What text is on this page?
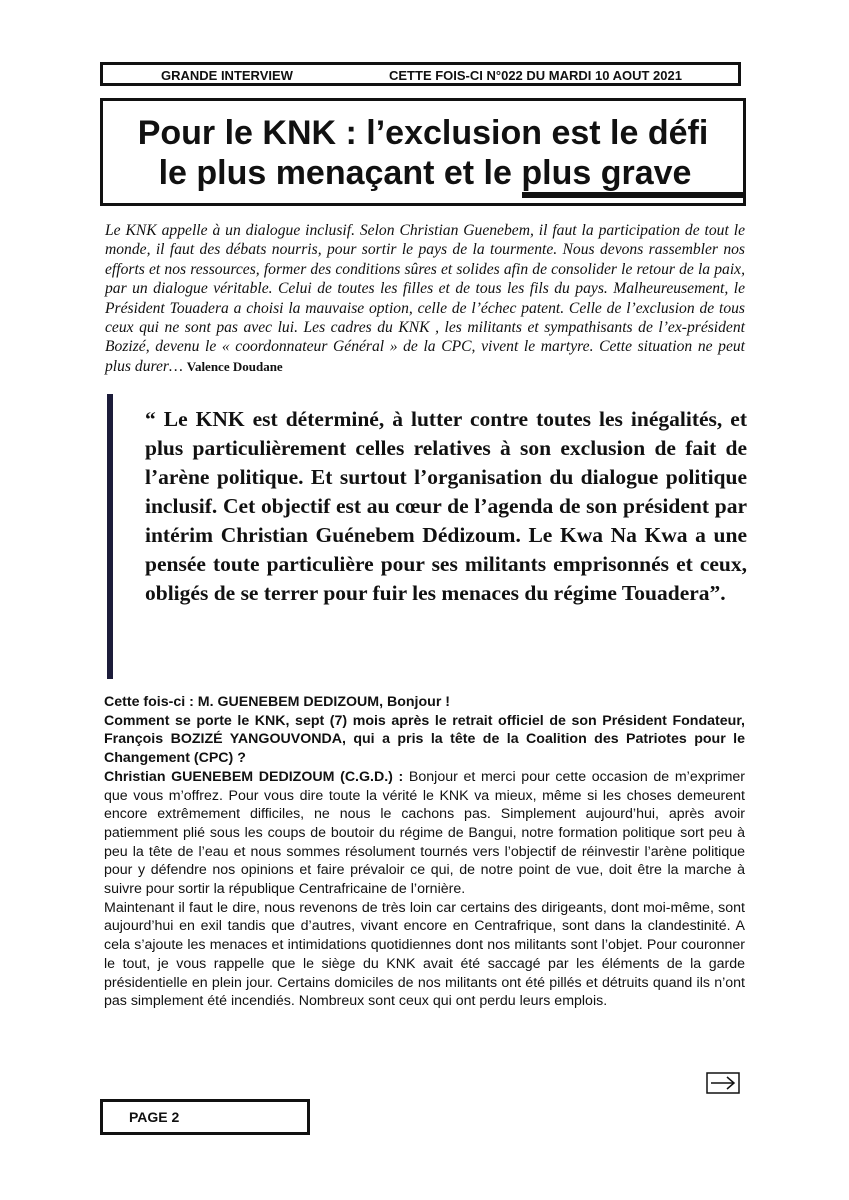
GRANDE INTERVIEW	CETTE FOIS-CI N°022 DU MARDI 10 AOUT 2021
Pour le KNK : l’exclusion est le défi
le plus menaçant et le plus grave
Le KNK appelle à un dialogue inclusif. Selon Christian Guenebem, il faut la participation de tout le monde, il faut des débats nourris, pour sortir le pays de la tourmente. Nous devons rassembler nos efforts et nos ressources, former des conditions sûres et solides afin de consolider le retour de la paix, par un dialogue véritable. Celui de toutes les filles et de tous les fils du pays. Malheureusement, le Président Touadera a choisi la mauvaise option, celle de l’échec patent. Celle de l’exclusion de tous ceux qui ne sont pas avec lui. Les cadres du KNK , les militants et sympathisants de l’ex-président Bozizé, devenu le « coordonnateur Général » de la CPC, vivent le martyre. Cette situation ne peut plus durer… Valence Doudane
“ Le KNK est déterminé, à lutter contre toutes les inégalités, et plus particulièrement celles relatives à son exclusion de fait de l’arène politique. Et surtout l’organisation du dialogue politique inclusif. Cet objectif est au cœur de l’agenda de son président par intérim Christian Guénebem Dédizoum. Le Kwa Na Kwa a une pensée toute particulière pour ses militants emprisonnés et ceux, obligés de se terrer pour fuir les menaces du régime Touadera”.

Cette fois-ci : M. GUENEBEM DEDIZOUM, Bonjour !

Comment se porte le KNK, sept (7) mois après le retrait officiel de son Président Fondateur, François BOZIZÉ YANGOUVONDA, qui a pris la tête de la Coalition des Patriotes pour le Changement (CPC) ?

Christian GUENEBEM DEDIZOUM (C.G.D.) : Bonjour et merci pour cette occasion de m’exprimer que vous m’offrez. Pour vous dire toute la vérité le KNK va mieux, même si les choses demeurent encore extrêmement difficiles, ne nous le cachons pas. Simplement aujourd’hui, après avoir patiemment plié sous les coups de boutoir du régime de Bangui, notre formation politique sort peu à peu la tête de l’eau et nous sommes résolument tournés vers l’objectif de réinvestir l’arène politique pour y défendre nos opinions et faire prévaloir ce qui, de notre point de vue, doit être la marche à suivre pour sortir la république Centrafricaine de l’ornière.

Maintenant il faut le dire, nous revenons de très loin car certains des dirigeants, dont moi-même, sont aujourd’hui en exil tandis que d’autres, vivant encore en Centrafrique, sont dans la clandestinité. A cela s’ajoute les menaces et intimidations quotidiennes dont nos militants sont l’objet. Pour couronner le tout, je vous rappelle que le siège du KNK avait été saccagé par les éléments de la garde présidentielle en plein jour. Certains domiciles de nos militants ont été pillés et détruits quand ils n’ont pas simplement été incendiés. Nombreux sont ceux qui ont perdu leurs emplois.

PAGE 2
